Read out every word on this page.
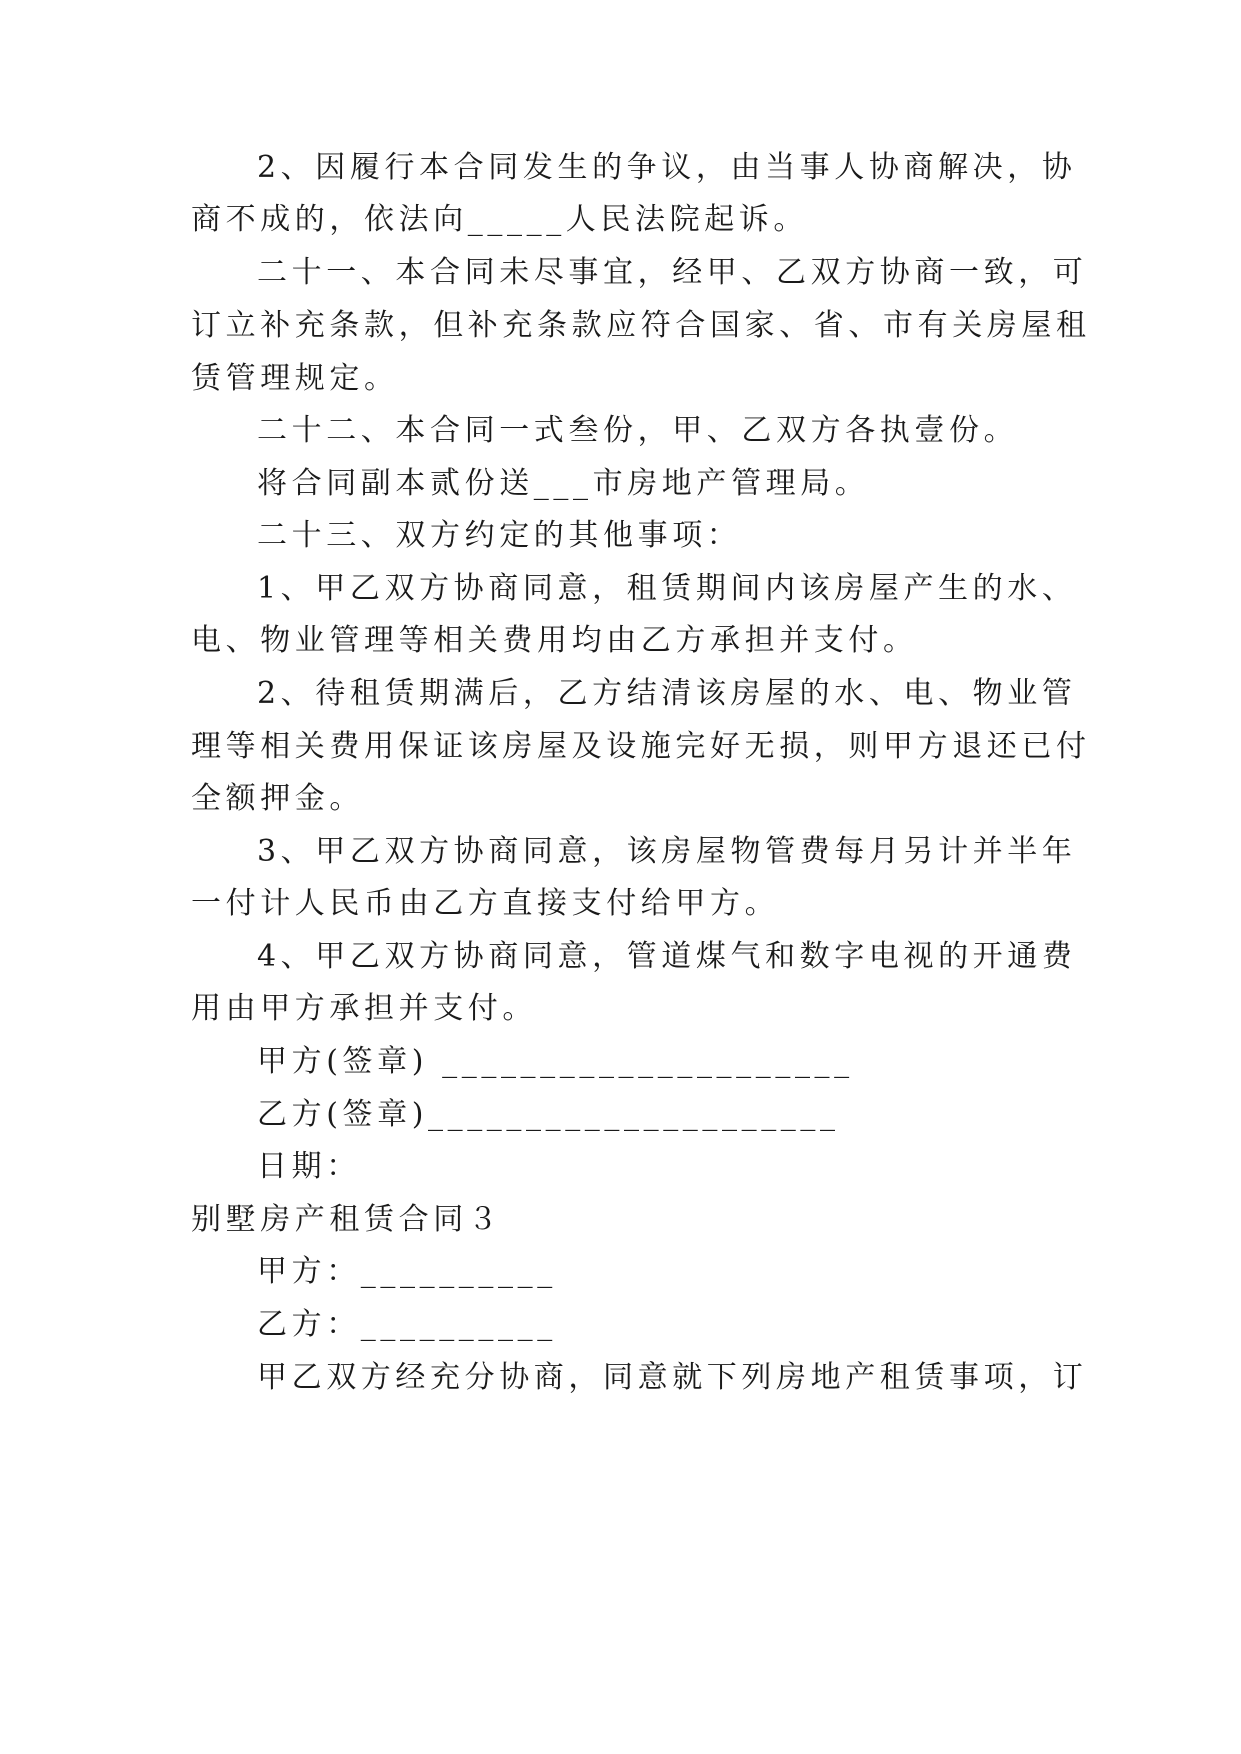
2、因履行本合同发生的争议，由当事人协商解决，协
商不成的，依法向_____人民法院起诉。
二十一、本合同未尽事宜，经甲、乙双方协商一致，可
订立补充条款，但补充条款应符合国家、省、市有关房屋租
赁管理规定。
二十二、本合同一式叁份，甲、乙双方各执壹份。
将合同副本贰份送___市房地产管理局。
二十三、双方约定的其他事项：
1、甲乙双方协商同意，租赁期间内该房屋产生的水、
电、物业管理等相关费用均由乙方承担并支付。
2、待租赁期满后，乙方结清该房屋的水、电、物业管
理等相关费用保证该房屋及设施完好无损，则甲方退还已付
全额押金。
3、甲乙双方协商同意，该房屋物管费每月另计并半年
一付计人民币由乙方直接支付给甲方。
4、甲乙双方协商同意，管道煤气和数字电视的开通费
用由甲方承担并支付。
甲方(签章) _____________________
乙方(签章)_____________________
日期：
别墅房产租赁合同３
甲方：__________
乙方：__________
甲乙双方经充分协商，同意就下列房地产租赁事项，订
